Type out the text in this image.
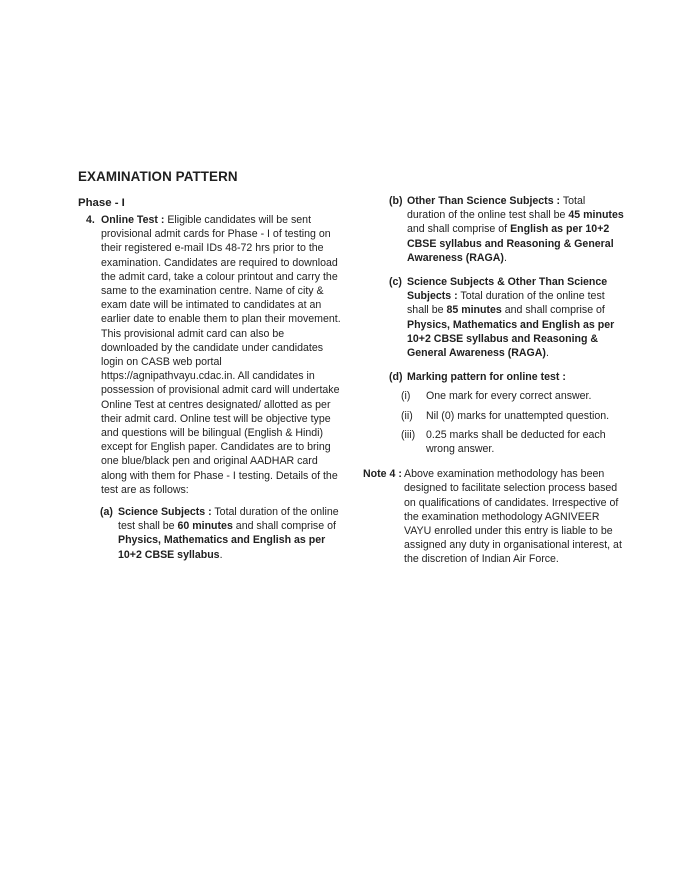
EXAMINATION PATTERN
Phase - I
4. Online Test : Eligible candidates will be sent provisional admit cards for Phase - I of testing on their registered e-mail IDs 48-72 hrs prior to the examination. Candidates are required to download the admit card, take a colour printout and carry the same to the examination centre. Name of city & exam date will be intimated to candidates at an earlier date to enable them to plan their movement. This provisional admit card can also be downloaded by the candidate under candidates login on CASB web portal https://agnipathvayu.cdac.in. All candidates in possession of provisional admit card will undertake Online Test at centres designated/ allotted as per their admit card. Online test will be objective type and questions will be bilingual (English & Hindi) except for English paper. Candidates are to bring one blue/black pen and original AADHAR card along with them for Phase - I testing. Details of the test are as follows:
(a) Science Subjects : Total duration of the online test shall be 60 minutes and shall comprise of Physics, Mathematics and English as per 10+2 CBSE syllabus.
(b) Other Than Science Subjects : Total duration of the online test shall be 45 minutes and shall comprise of English as per 10+2 CBSE syllabus and Reasoning & General Awareness (RAGA).
(c) Science Subjects & Other Than Science Subjects : Total duration of the online test shall be 85 minutes and shall comprise of Physics, Mathematics and English as per 10+2 CBSE syllabus and Reasoning & General Awareness (RAGA).
(d) Marking pattern for online test :
(i)	One mark for every correct answer.
(ii)	Nil (0) marks for unattempted question.
(iii)	0.25 marks shall be deducted for each wrong answer.
Note 4 : Above examination methodology has been designed to facilitate selection process based on qualifications of candidates. Irrespective of the examination methodology AGNIVEER VAYU enrolled under this entry is liable to be assigned any duty in organisational interest, at the discretion of Indian Air Force.
